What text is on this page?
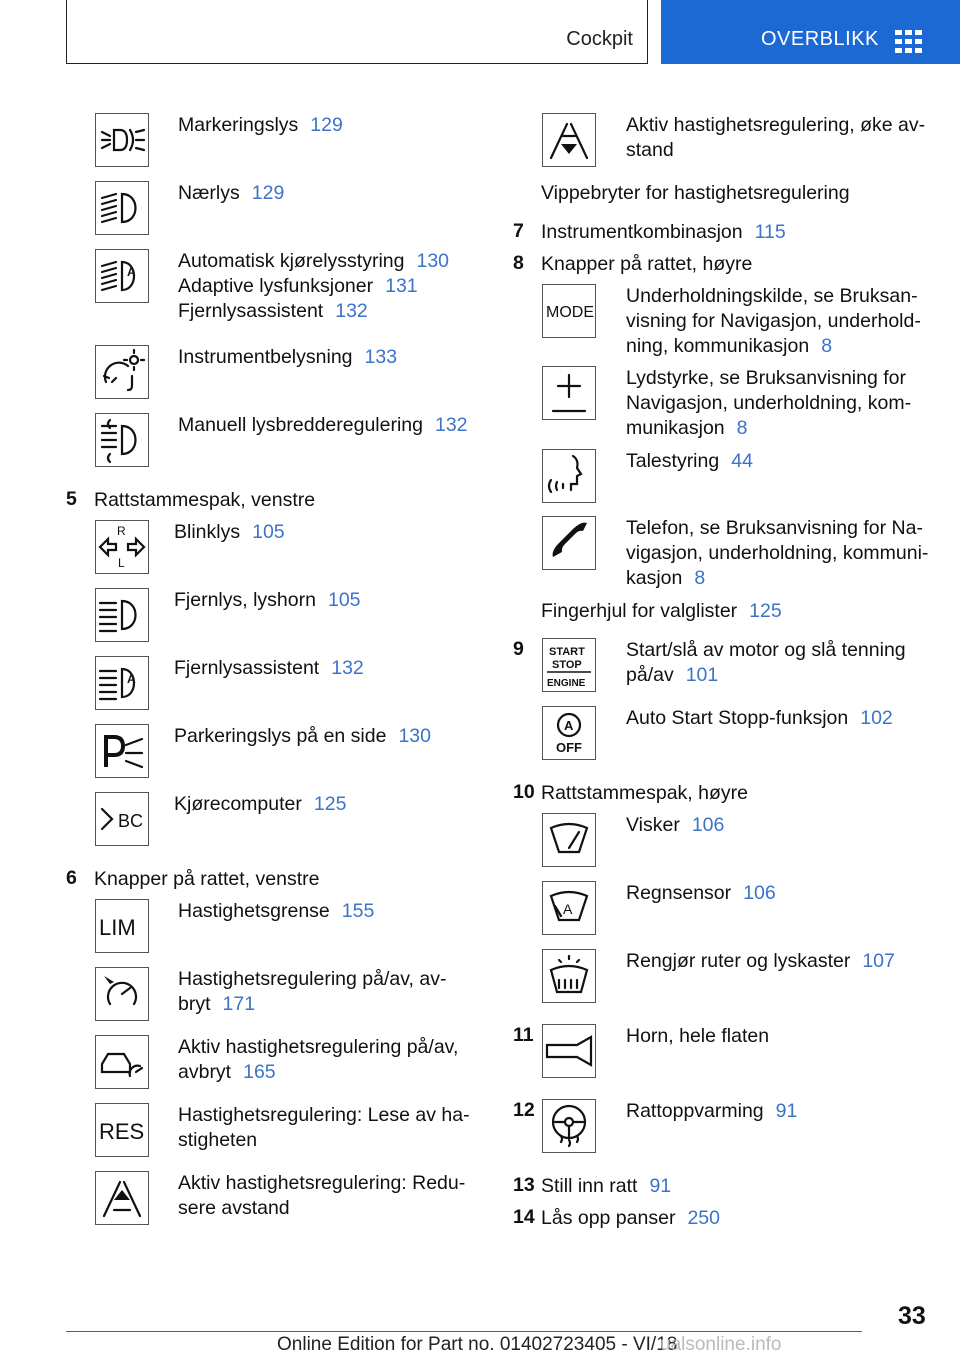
Cockpit	OVERBLIKK
Markeringslys 129
Nærlys 129
A Automatisk kjørelysstyring 130
Adaptive lysfunksjoner 131
Fjernlysassistent 132
Instrumentbelysning 133
Manuell lysbredderegulering 132
5 Rattstammespak, venstre
R
L
Blinklys 105
Fjernlys, lyshorn 105
A Fjernlysassistent 132
Parkeringslys på en side 130
BC
Kjørecomputer 125
6 Knapper på rattet, venstre
LIM
Hastighetsgrense 155
Hastighetsregulering på/av, av-
bryt 171
Aktiv hastighetsregulering på/av,
avbryt 165
RES
Hastighetsregulering: Lese av ha-
stigheten
Aktiv hastighetsregulering: Redu-
sere avstand
Aktiv hastighetsregulering, øke av-
stand
Vippebryter for hastighetsregulering
7 Instrumentkombinasjon 115
8 Knapper på rattet, høyre
MODE
Underholdningskilde, se Bruksan-
visning for Navigasjon, underhold-
ning, kommunikasjon 8
Lydstyrke, se Bruksanvisning for
Navigasjon, underholdning, kom-
munikasjon 8
Talestyring 44
Telefon, se Bruksanvisning for Na-
vigasjon, underholdning, kommuni-
kasjon 8
Fingerhjul for valglister 125
9 START
STOP
ENGINE
Start/slå av motor og slå tenning
på/av 101
A
OFF
Auto Start Stopp-funksjon 102
10 Rattstammespak, høyre
Visker 106
A
Regnsensor 106
Rengjør ruter og lyskaster 107
11	Horn, hele flaten
12	Rattoppvarming 91
13 Still inn ratt 91
14 Lås opp panser 250
33
Online Edition for Part no. 01402723405 - VI/18
ualsonline.info
